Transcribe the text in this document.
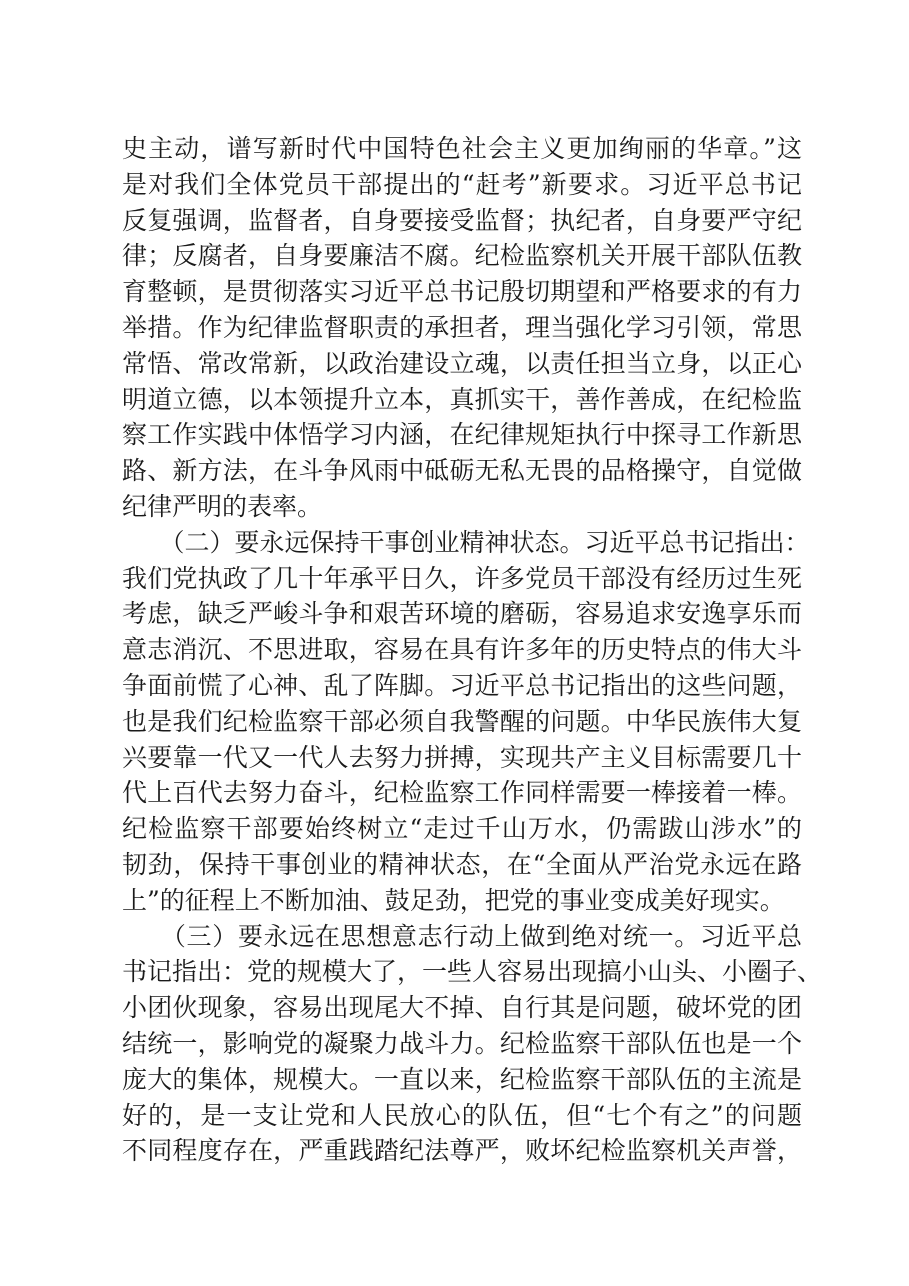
史主动，谱写新时代中国特色社会主义更加绚丽的华章。”这
是对我们全体党员干部提出的“赶考”新要求。习近平总书记
反复强调，监督者，自身要接受监督；执纪者，自身要严守纪
律；反腐者，自身要廉洁不腐。纪检监察机关开展干部队伍教
育整顿，是贯彻落实习近平总书记殷切期望和严格要求的有力
举措。作为纪律监督职责的承担者，理当强化学习引领，常思
常悟、常改常新，以政治建设立魂，以责任担当立身，以正心
明道立德，以本领提升立本，真抓实干，善作善成，在纪检监
察工作实践中体悟学习内涵，在纪律规矩执行中探寻工作新思
路、新方法，在斗争风雨中砥砺无私无畏的品格操守，自觉做
纪律严明的表率。
　　（二）要永远保持干事创业精神状态。习近平总书记指出：
我们党执政了几十年承平日久，许多党员干部没有经历过生死
考虑，缺乏严峻斗争和艰苦环境的磨砺，容易追求安逸享乐而
意志消沉、不思进取，容易在具有许多年的历史特点的伟大斗
争面前慌了心神、乱了阵脚。习近平总书记指出的这些问题，
也是我们纪检监察干部必须自我警醒的问题。中华民族伟大复
兴要靠一代又一代人去努力拼搏，实现共产主义目标需要几十
代上百代去努力奋斗，纪检监察工作同样需要一棒接着一棒。
纪检监察干部要始终树立“走过千山万水，仍需跋山涉水”的
韧劲，保持干事创业的精神状态，在“全面从严治党永远在路
上”的征程上不断加油、鼓足劲，把党的事业变成美好现实。
　　（三）要永远在思想意志行动上做到绝对统一。习近平总
书记指出：党的规模大了，一些人容易出现搞小山头、小圈子、
小团伙现象，容易出现尾大不掉、自行其是问题，破坏党的团
结统一，影响党的凝聚力战斗力。纪检监察干部队伍也是一个
庞大的集体，规模大。一直以来，纪检监察干部队伍的主流是
好的，是一支让党和人民放心的队伍，但“七个有之”的问题
不同程度存在，严重践踏纪法尊严，败坏纪检监察机关声誉，
